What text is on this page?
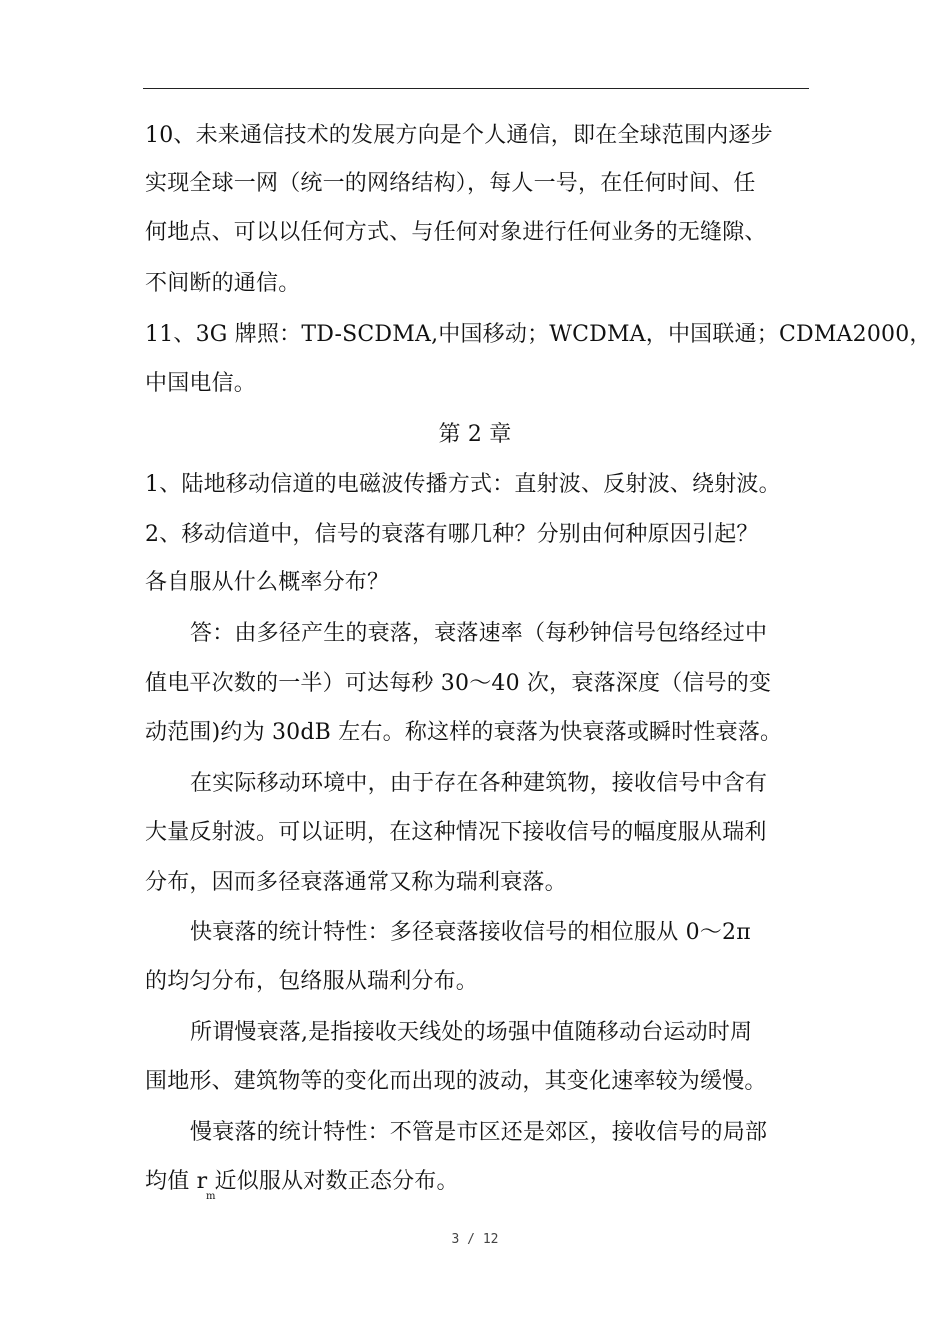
10、未来通信技术的发展方向是个人通信，即在全球范围内逐步
实现全球一网（统一的网络结构），每人一号，在任何时间、任
何地点、可以以任何方式、与任何对象进行任何业务的无缝隙、
不间断的通信。
11、3G 牌照：TD-SCDMA,中国移动；WCDMA，中国联通；CDMA2000，
中国电信。
第 2 章
1、陆地移动信道的电磁波传播方式：直射波、反射波、绕射波。
2、移动信道中，信号的衰落有哪几种？分别由何种原因引起？
各自服从什么概率分布？
答：由多径产生的衰落，衰落速率（每秒钟信号包络经过中
值电平次数的一半）可达每秒 30～40 次，衰落深度（信号的变
动范围)约为 30dB 左右。称这样的衰落为快衰落或瞬时性衰落。
在实际移动环境中，由于存在各种建筑物，接收信号中含有
大量反射波。可以证明，在这种情况下接收信号的幅度服从瑞利
分布，因而多径衰落通常又称为瑞利衰落。
快衰落的统计特性：多径衰落接收信号的相位服从 0～2π
的均匀分布，包络服从瑞利分布。
所谓慢衰落,是指接收天线处的场强中值随移动台运动时周
围地形、建筑物等的变化而出现的波动，其变化速率较为缓慢。
慢衰落的统计特性：不管是市区还是郊区，接收信号的局部
均值 r 近似服从对数正态分布。
m
3 / 12
